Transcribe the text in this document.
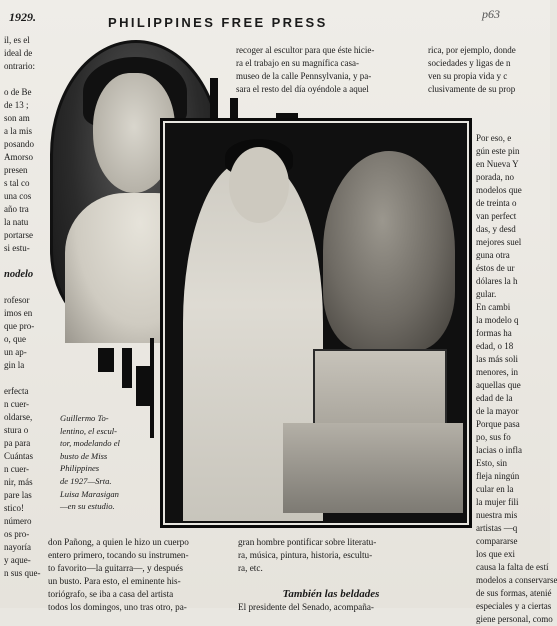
1929.	PHILIPPINES FREE PRESS
p63
il, es el
ideal de
ontrario:
o de Be
de 13 ;
son am
a la mis
posando
Amorso
presen
s tal co
una cos
año tra
la natu
portarse
si estu-
nodelo
rofesor
imos en
que pro-
o, que
un ap-
gin la
erfecta
n cuer-
oldarse,
stura o
pa para
Cuántas
n cuer-
nir, más
pare las
stico!
número
os pro-
nayoría
y aque-
n sus que-
recoger al escultor para que éste hicie-
ra el trabajo en su magnífica casa-
museo de la calle Pennsylvania, y pa-
sara el resto del día oyéndole a aquel
rica, por ejemplo, donde
sociedades y ligas de n
ven su propia vida y c
clusivamente de su prop
Guillermo To-
lentino, el escul-
tor, modelando el
busto de Miss
Philippines
de 1927—Srta.
Luisa Marasigan
—en su estudio.
Por eso, e
gún este pin
en Nueva Y
porada, no
modelos que
de treinta o
van perfect
das, y desd
mejores suel
guna otra
éstos de ur
dólares la h
gular.
En cambi
la modelo q
formas ha
edad, o 18
las más soli
menores, in
aquellas que
edad de la
de la mayor
Porque pasa
po, sus fo
lacias o infla
Esto, sin
fleja ningún
cular en la
la mujer fili
nuestra mis
artistas —q
compararse
los que exi
causa la falta de estí
modelos a conservarse
de sus formas, atenié
especiales y a ciertas
giene personal, como
don Pañong, a quien le hizo un cuerpo
entero primero, tocando su instrumen-
to favorito—la guitarra—, y después
un busto. Para esto, el eminente his-
toriógrafo, se iba a casa del artista
todos los domingos, uno tras otro, pa-
gran hombre pontificar sobre literatu-
ra, música, pintura, historia, escultu-
ra, etc.
También las beldades
El presidente del Senado, acompaña-
